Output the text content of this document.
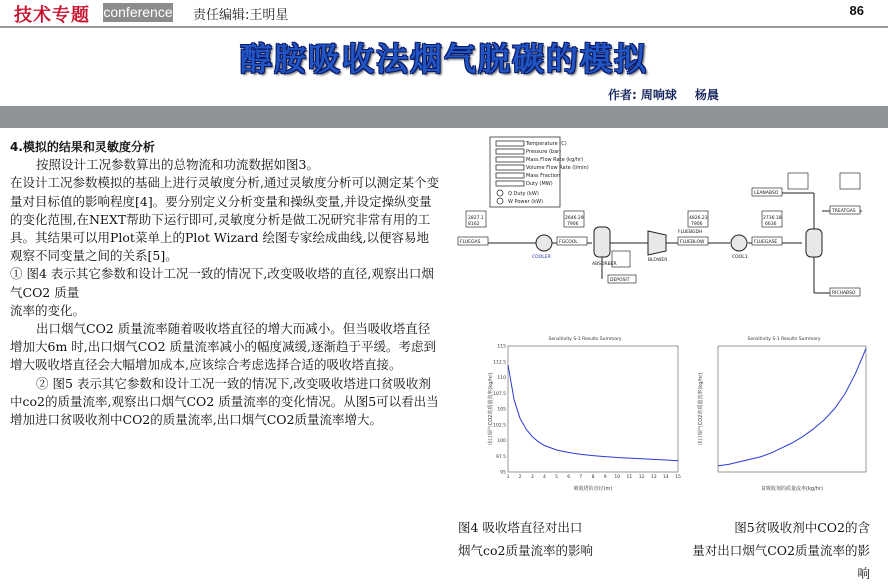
技术专题 conference 责任编辑:王明星	86
醇胺吸收法烟气脱碳的模拟
作者: 周响球 杨晨

4.模拟的结果和灵敏度分析

按照设计工况参数算出的总物流和功流数据如图3。

在设计工况参数模拟的基础上进行灵敏度分析,通过灵敏度分析可以测定某个变量对目标值的影响程度[4]。要分别定义分析变量和操纵变量,并设定操纵变量的变化范围,在NEXT帮助下运行即可,灵敏度分析是做工况研究非常有用的工具。其结果可以用Plot菜单上的Plot Wizard 绘图专家绘成曲线,以便容易地观察不同变量之间的关系[5]。

① 图4 表示其它参数和设计工况一致的情况下,改变吸收塔的直径,观察出口烟气CO2 质量

流率的变化。

出口烟气CO2 质量流率随着吸收塔直径的增大而减小。但当吸收塔直径增加大6m 时,出口烟气CO2 质量流率减小的幅度减缓,逐渐趋于平缓。考虑到增大吸收塔直径会大幅增加成本,应该综合考虑选择合适的吸收塔直接。

② 图5 表示其它参数和设计工况一致的情况下,改变吸收塔进口贫吸收剂中co2的质量流率,观察出口烟气CO2 质量流率的变化情况。从图5可以看出当增加进口贫吸收剂中CO2的质量流率,出口烟气CO2质量流率增大。

Temperature (C)
Pressure (bar)
Mass Flow Rate (kg/hr)
Volume Flow Rate (l/min)
Mass Fraction
Duty (MW)
Q Duty (kW)
W Power (kW)
FLUEGAS
COOLER
FGCOOL
ABSORBER
DEPOSIT
FLUEBGDH
FLUEBLOW
BLOWER
FLUEGASE
COOL1
LEANABSO
TREATGAS
RICHABSO
2827.1
8162
2646.29
7906
4826.23
7906
2736.18
6636
Sensitivity S-1 Results Summary
95
97.5
100
102.5
105
107.5
110
112.5
115
1 2 3 4 5 6 7 8 9 10 11 12 13 14 15
吸收塔的直径(m)
出口烟气CO2的质量流率(kg/hr)
Sensitivity S-1 Results Summary
贫吸收剂的质量流率(kg/hr)
出口烟气CO2的质量流率(kg/hr)
图4 吸收塔直径对出口
烟气co2质量流率的影响
图5贫吸收剂中CO2的含
量对出口烟气CO2质量流率的影响
